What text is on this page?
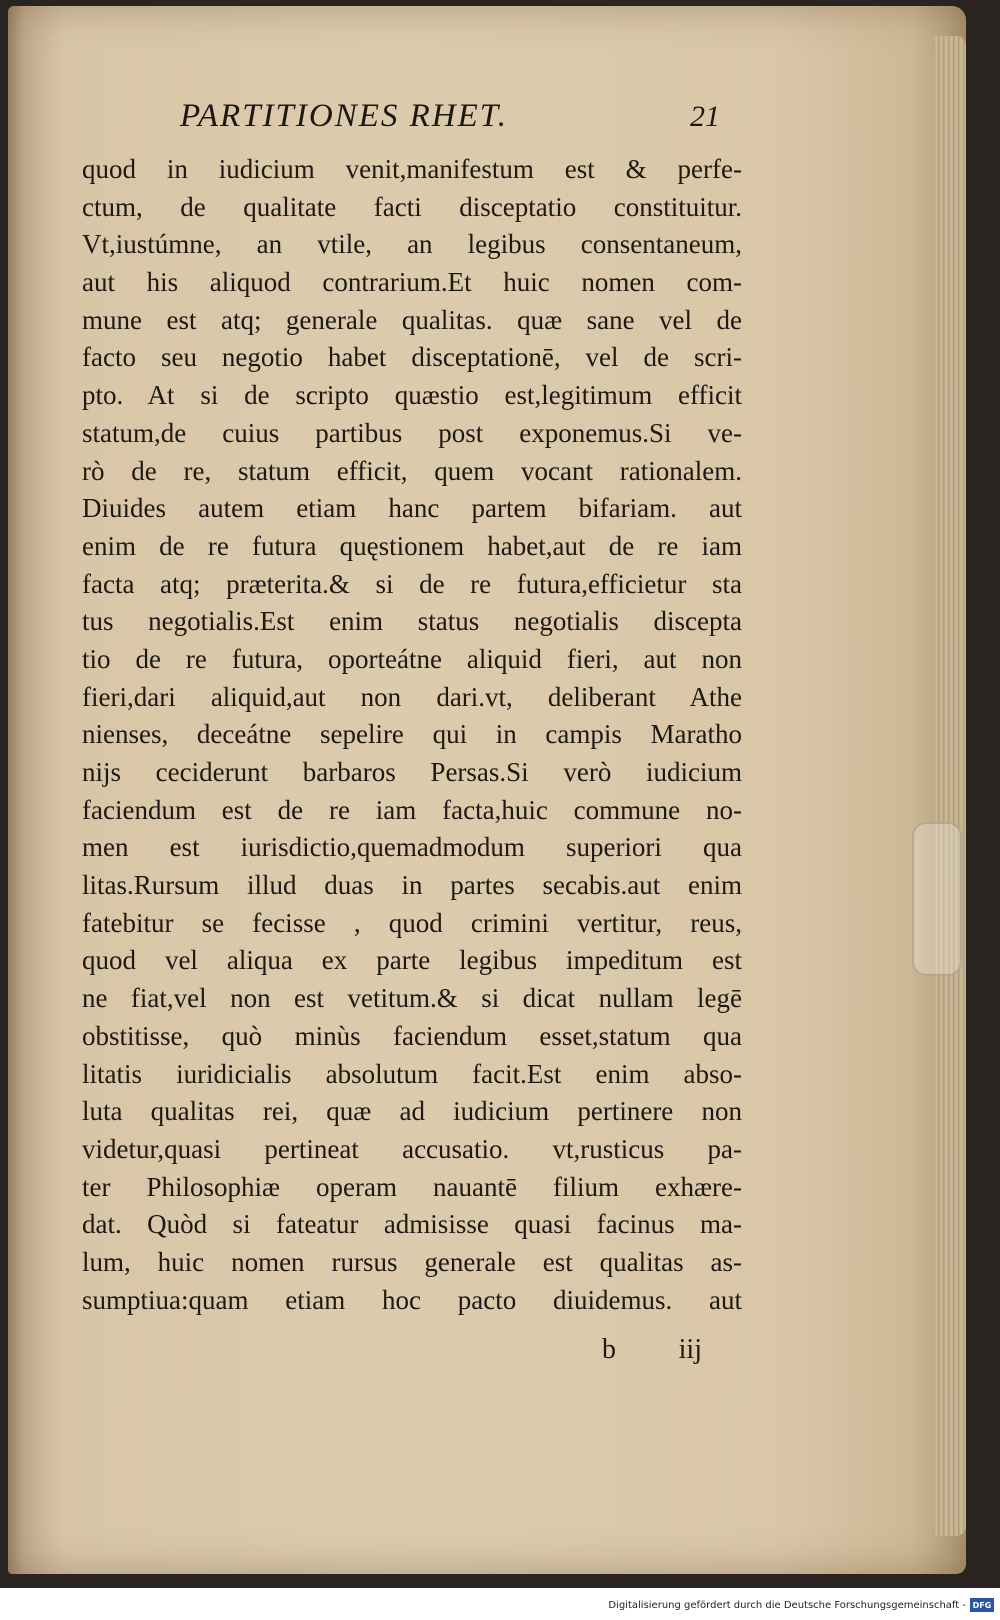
PARTITIONES RHET.	21
quod in iudicium venit,manifestum est & perfe-
ctum, de qualitate facti disceptatio constituitur.
Vt,iustúmne, an vtile, an legibus consentaneum,
aut his aliquod contrarium.Et huic nomen com-
mune est atq; generale qualitas. quæ sane vel de
facto seu negotio habet disceptationē, vel de scri-
pto. At si de scripto quæstio est,legitimum efficit
statum,de cuius partibus post exponemus.Si ve-
rò de re, statum efficit, quem vocant rationalem.
Diuides autem etiam hanc partem bifariam. aut
enim de re futura quęstionem habet,aut de re iam
facta atq; præterita.& si de re futura,efficietur sta
tus negotialis.Est enim status negotialis discepta
tio de re futura, oporteátne aliquid fieri, aut non
fieri,dari aliquid,aut non dari.vt, deliberant Athe
nienses, deceátne sepelire qui in campis Maratho
nijs ceciderunt barbaros Persas.Si verò iudicium
faciendum est de re iam facta,huic commune no-
men est iurisdictio,quemadmodum superiori qua
litas.Rursum illud duas in partes secabis.aut enim
fatebitur se fecisse , quod crimini vertitur, reus,
quod vel aliqua ex parte legibus impeditum est
ne fiat,vel non est vetitum.& si dicat nullam legē
obstitisse, quò minùs faciendum esset,statum qua
litatis iuridicialis absolutum facit.Est enim abso-
luta qualitas rei, quæ ad iudicium pertinere non
videtur,quasi pertineat accusatio. vt,rusticus pa-
ter Philosophiæ operam nauantē filium exhære-
dat. Quòd si fateatur admisisse quasi facinus ma-
lum, huic nomen rursus generale est qualitas as-
sumptiua:quam etiam hoc pacto diuidemus. aut
b iij
Digitalisierung gefördert durch die Deutsche Forschungsgemeinschaft - DFG
